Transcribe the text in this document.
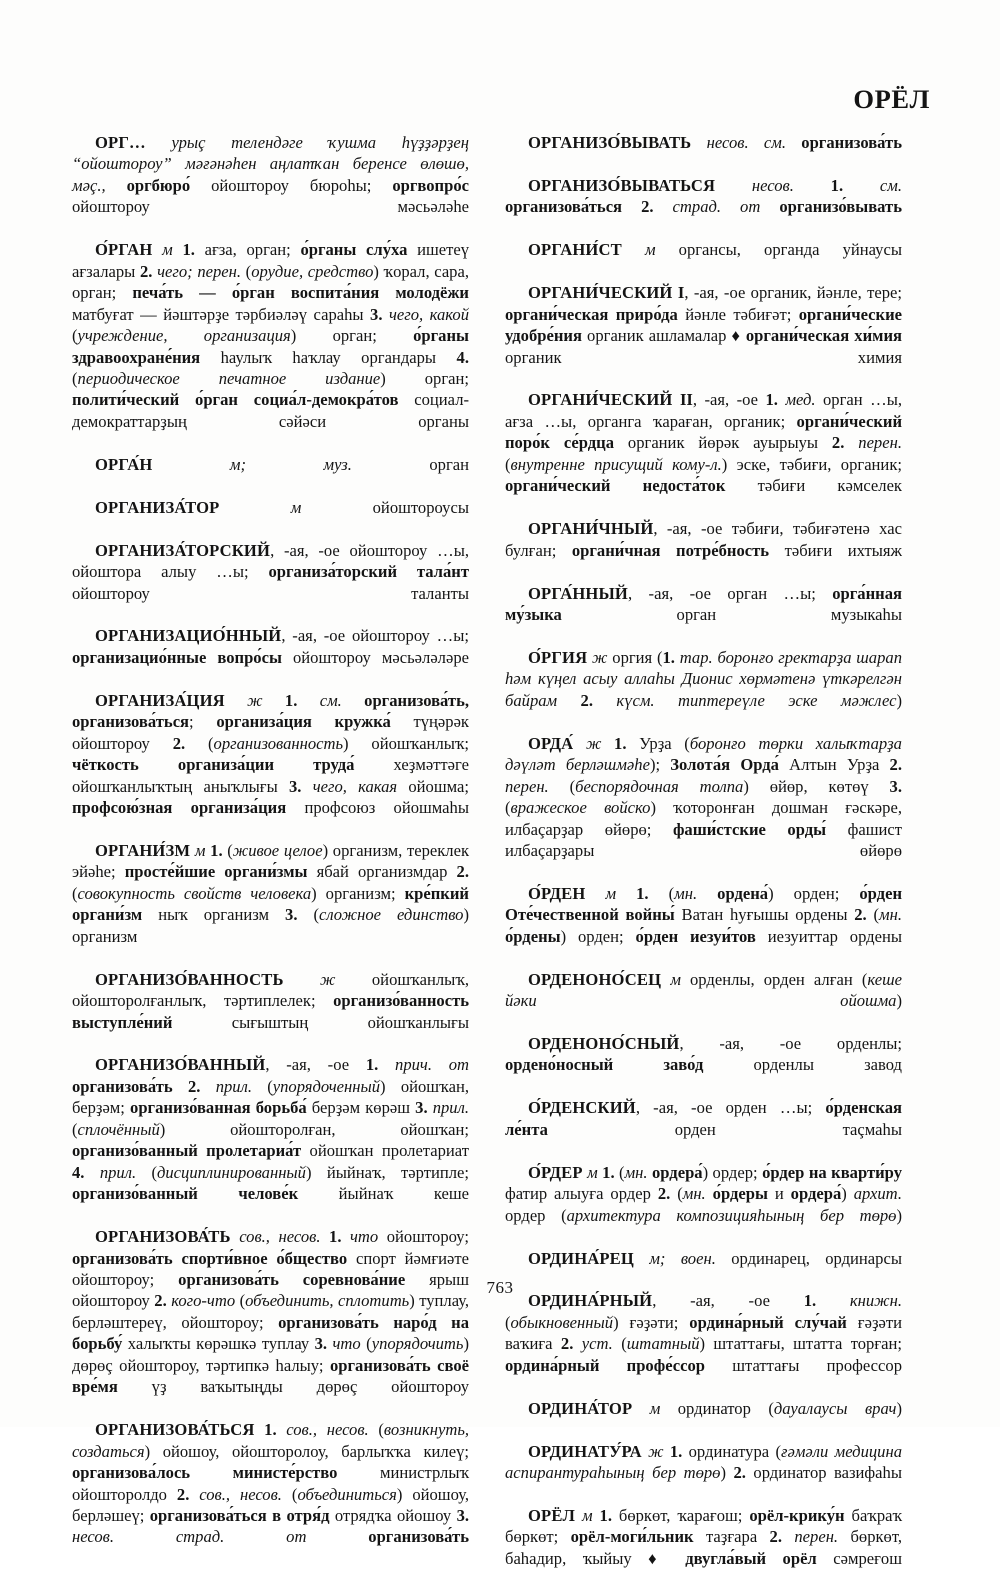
ОРЁЛ

ОРГ… урыç телендәге ҡушма һүҙҙәрҙең “ойоштороу” мәғәнәһен аңлатҡан беренсе өлөшө, мәç., оргбюро́ ойоштороу бюроһы; оргвопро́с ойоштороу мәсьәләһе

О́РГАН м 1. ағза, орган; о́рганы слу́ха ишетеү ағзалары 2. чего; перен. (орудие, средство) ҡорал, сара, орган; печа́ть — о́рган воспита́ния молодёжи матбуғат — йәштәрҙе тәрбиәләү сараһы 3. чего, какой (учреждение, организация) орган; о́рганы здравоохране́ния һаулыҡ һаҡлау органдары 4. (периодическое печатное издание) орган; полити́ческий о́рган социа́л-демокра́тов социал-демократтарҙың сәйәси органы

ОРГА́Н	м; муз. орган

ОРГАНИЗА́ТОР	м ойоштороусы

ОРГАНИЗА́ТОРСКИЙ, -ая, -ое ойоштороу …ы, ойоштора алыу …ы; организа́торский тала́нт ойоштороу таланты

ОРГАНИЗАЦИО́ННЫЙ, -ая, -ое ойоштороу …ы; организацио́нные вопро́сы ойоштороу мәсьәләләре

ОРГАНИЗА́ЦИЯ ж 1. см. организова́ть, организова́ться; организа́ция кружка́ түңәрәк ойоштороу 2. (организованность) ойошҡанлыҡ; чёткость организа́ции труда́ хеҙмәттәге ойошҡанлыҡтың аныҡлығы 3. чего, какая ойошма; профсою́зная организа́ция профсоюз ойошмаһы

ОРГАНИ́ЗМ м 1. (живое целое) организм, тереклек эйәһе; просте́йшие органи́змы ябай организмдар 2. (совокупность свойств человека) организм; кре́пкий органи́зм ныҡ организм 3. (сложное единство) организм

ОРГАНИЗО́ВАННОСТЬ ж ойошҡанлыҡ, ойошторолғанлыҡ, тәртиплелек; организо́ванность выступле́ний сығыштың ойошҡанлығы

ОРГАНИЗО́ВАННЫЙ, -ая, -ое 1. прич. от организова́ть 2. прил. (упорядоченный) ойошҡан, берҙәм; организо́ванная борьба́ берҙәм көрәш 3. прил. (сплочённый) ойошторолған, ойошҡан; организо́ванный пролетариа́т ойошҡан пролетариат 4. прил. (дисциплинированный) йыйнаҡ, тәртипле; организо́ванный челове́к йыйнаҡ кеше

ОРГАНИЗОВА́ТЬ сов., несов. 1. что ойоштороу; организова́ть спорти́вное о́бщество спорт йәмғиәте ойоштороу; организова́ть соревнова́ние ярыш ойоштороу 2. кого-что (объединить, сплотить) туплау, берләштереү, ойоштороу; организова́ть наро́д на борьбу́ халыҡты көрәшкә туплау 3. что (упорядочить) дөрөç ойоштороу, тәртипкә һалыу; организова́ть своё вре́мя үҙ ваҡытыңды дөрөç ойоштороу

ОРГАНИЗОВА́ТЬСЯ 1. сов., несов. (возникнуть, создаться) ойошоу, ойошторолоу, барлыҡҡа килеү; организова́лось министе́рство министрлыҡ ойошторолдо 2. сов., несов. (объединиться) ойошоу, берләшеү; организова́ться в отря́д отрядҡа ойошоу 3. несов. страд. от	организова́ть

ОРГАНИЗО́ВЫВАТЬ несов. см. организова́ть

ОРГАНИЗО́ВЫВАТЬСЯ несов. 1. см. организова́ться 2. страд. от организо́вывать

ОРГАНИ́СТ м органсы, органда уйнаусы

ОРГАНИ́ЧЕСКИЙ I, -ая, -ое органик, йәнле, тере; органи́ческая приро́да йәнле тәбиғәт; органи́ческие удобре́ния органик ашламалар ♦ органи́ческая хи́мия органик химия

ОРГАНИ́ЧЕСКИЙ II, -ая, -ое 1. мед. орган …ы, ағза …ы, органга ҡараған, органик; органи́ческий поро́к се́рдца органик йөрәк ауырыуы 2. перен. (внутренне присущий кому-л.) эске, тәбиғи, органик; органи́ческий недоста́ток тәбиғи кәмселек

ОРГАНИ́ЧНЫЙ, -ая, -ое тәбиғи, тәбиғәтенә хас булған; органи́чная потре́бность тәбиғи ихтыяж

ОРГА́ННЫЙ, -ая, -ое орган …ы; орга́нная му́зыка орган музыкаһы

О́РГИЯ ж оргия (1. тар. боронғо гректарҙа шарап һәм күңел асыу аллаһы Дионис хөрмәтенә үткәрелгән байрам 2. күсм. типтереүле эске мәжлес)

ОРДА́ ж 1. Урҙа (боронғо төрки халыҡтарҙа дәүләт берләшмәһе); Золота́я Орда́ Алтын Урҙа 2. перен. (беспорядочная толпа) өйөр, көтөү 3. (вражеское войско) ҡоторонған дошман ғәскәре, илбаçарҙар өйөрө; фаши́стские орды́ фашист илбаçарҙары өйөрө

О́РДЕН м 1. (мн. ордена́) орден; о́рден Оте́чественной войны́ Ватан һуғышы ордены 2. (мн. о́рдены) орден; о́рден иезуи́тов иезуиттар ордены

ОРДЕНОНО́СЕЦ м орденлы, орден алған (кеше йәки ойошма)

ОРДЕНОНО́СНЫЙ, -ая, -ое орденлы; ордено́носный заво́д орденлы завод

О́РДЕНСКИЙ, -ая, -ое орден …ы; о́рденская ле́нта орден таçмаһы

О́РДЕР м 1. (мн. ордера́) ордер; о́рдер на кварти́ру фатир алыуға ордер 2. (мн. о́рдеры и ордера́) архит. ордер (архитектура композицияһының бер төрө)

ОРДИНА́РЕЦ м; воен. ординарец, ординарсы

ОРДИНА́РНЫЙ, -ая, -ое 1. книжн. (обыкновенный) ғәҙәти; ордина́рный слу́чай ғәҙәти ваҡиға 2. уст. (штатный) штаттағы, штатта торған; ордина́рный профе́ссор штаттағы профессор

ОРДИНА́ТОР м ординатор (дауалаусы врач)

ОРДИНАТУ́РА ж 1. ординатура (ғәмәли медицина аспирантураһының бер төрө) 2. ординатор вазифаһы

ОРЁЛ м 1. бөркөт, ҡарағош; орёл-крику́н баҡраҡ бөркөт; орёл-моги́льник таҙғара 2. перен. бөркөт, баһадир, ҡыйыу ♦ двугла́вый орёл сәмреғош

763
